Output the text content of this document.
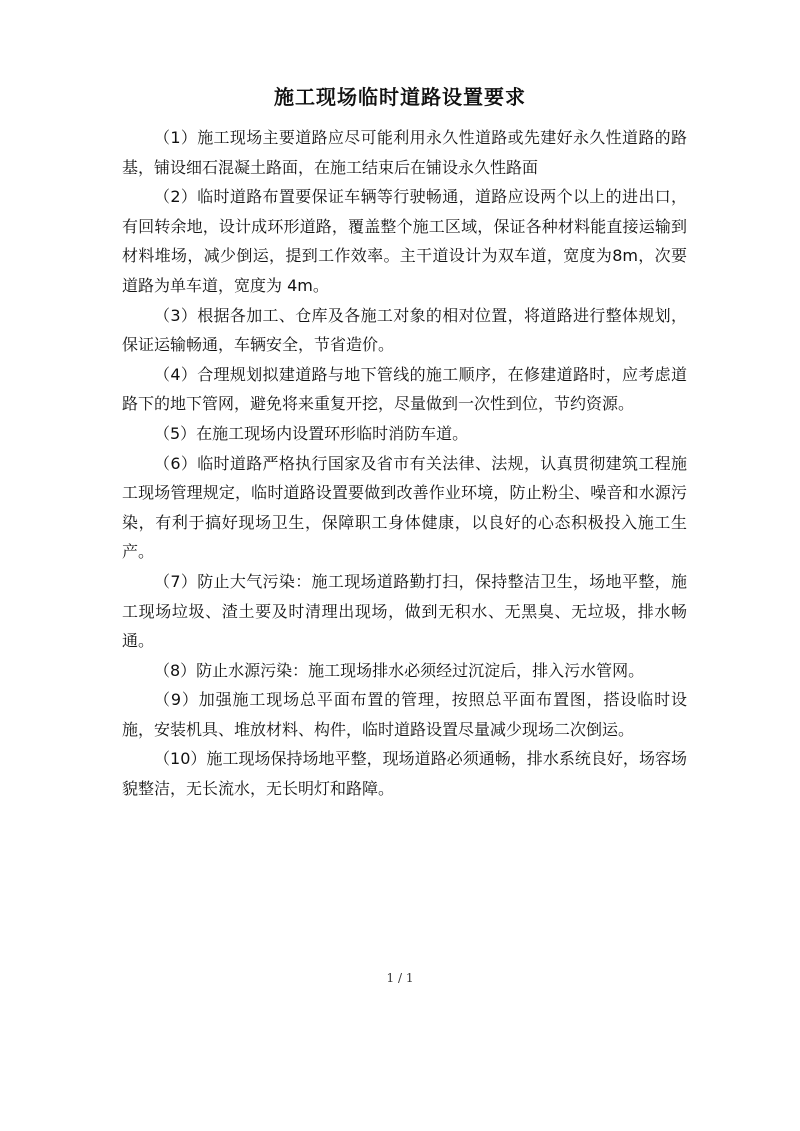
施工现场临时道路设置要求

（1）施工现场主要道路应尽可能利用永久性道路或先建好永久性道路的路基，铺设细石混凝土路面，在施工结束后在铺设永久性路面

（2）临时道路布置要保证车辆等行驶畅通，道路应设两个以上的进出口，有回转余地，设计成环形道路，覆盖整个施工区域，保证各种材料能直接运输到材料堆场，减少倒运，提到工作效率。主干道设计为双车道，宽度为8m，次要道路为单车道，宽度为 4m。

（3）根据各加工、仓库及各施工对象的相对位置，将道路进行整体规划，保证运输畅通，车辆安全，节省造价。

（4）合理规划拟建道路与地下管线的施工顺序，在修建道路时，应考虑道路下的地下管网，避免将来重复开挖，尽量做到一次性到位，节约资源。

（5）在施工现场内设置环形临时消防车道。

（6）临时道路严格执行国家及省市有关法律、法规，认真贯彻建筑工程施工现场管理规定，临时道路设置要做到改善作业环境，防止粉尘、噪音和水源污染，有利于搞好现场卫生，保障职工身体健康，以良好的心态积极投入施工生产。

（7）防止大气污染：施工现场道路勤打扫，保持整洁卫生，场地平整，施工现场垃圾、渣土要及时清理出现场，做到无积水、无黑臭、无垃圾，排水畅通。

（8）防止水源污染：施工现场排水必须经过沉淀后，排入污水管网。

（9）加强施工现场总平面布置的管理，按照总平面布置图，搭设临时设施，安装机具、堆放材料、构件，临时道路设置尽量减少现场二次倒运。

（10）施工现场保持场地平整，现场道路必须通畅，排水系统良好，场容场貌整洁，无长流水，无长明灯和路障。

1 / 1
